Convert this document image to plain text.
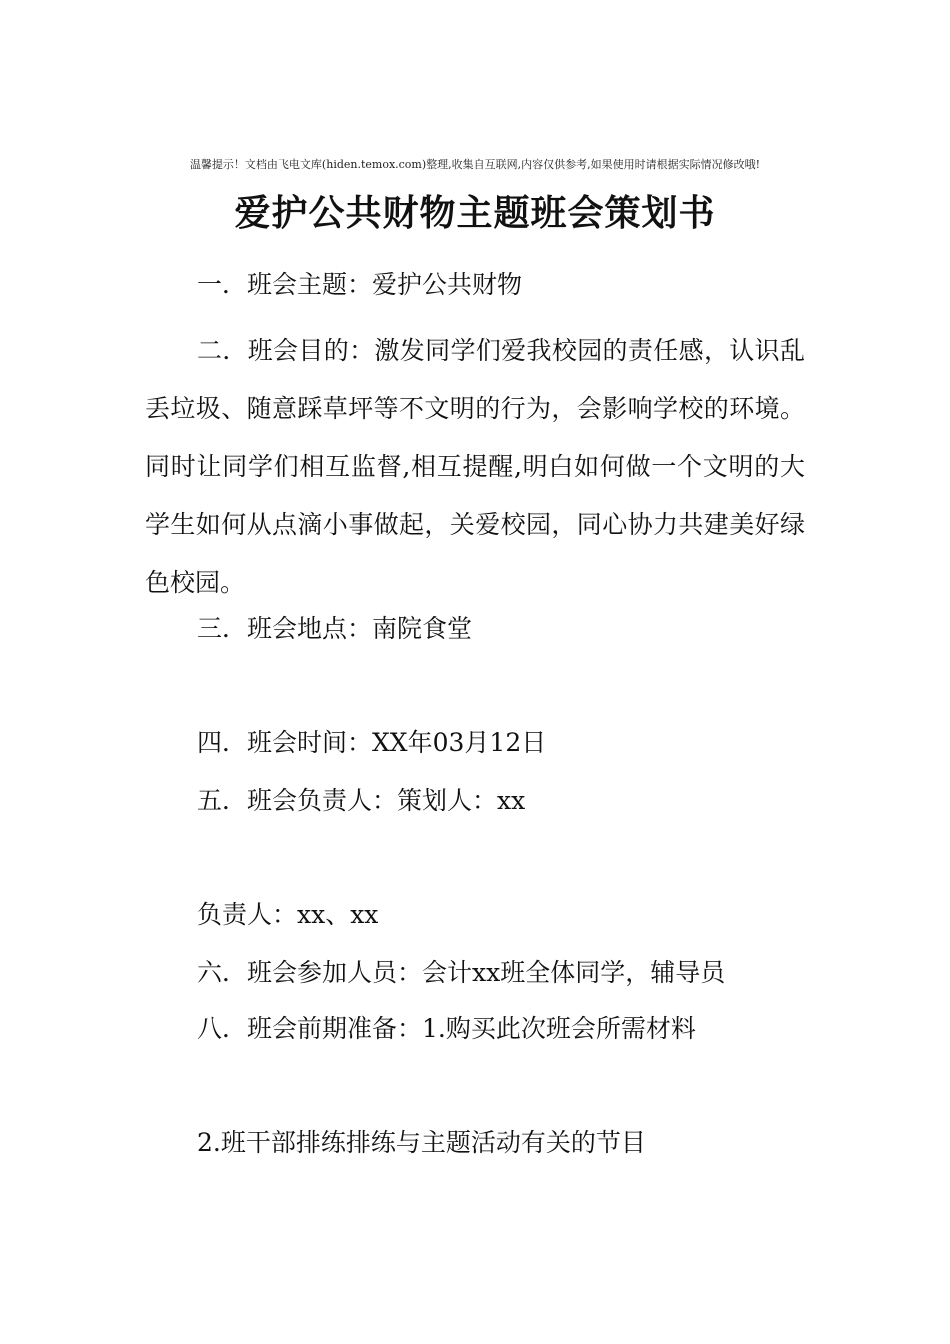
温馨提示！文档由飞电文库(hiden.temox.com)整理,收集自互联网,内容仅供参考,如果使用时请根据实际情况修改哦!
爱护公共财物主题班会策划书
一．班会主题：爱护公共财物
二．班会目的：激发同学们爱我校园的责任感，认识乱丢垃圾、随意踩草坪等不文明的行为，会影响学校的环境。同时让同学们相互监督,相互提醒,明白如何做一个文明的大学生如何从点滴小事做起，关爱校园，同心协力共建美好绿色校园。
三．班会地点：南院食堂
四．班会时间：XX年03月12日
五．班会负责人：策划人：xx
负责人：xx、xx
六．班会参加人员：会计xx班全体同学，辅导员
八．班会前期准备：1.购买此次班会所需材料
2.班干部排练排练与主题活动有关的节目
